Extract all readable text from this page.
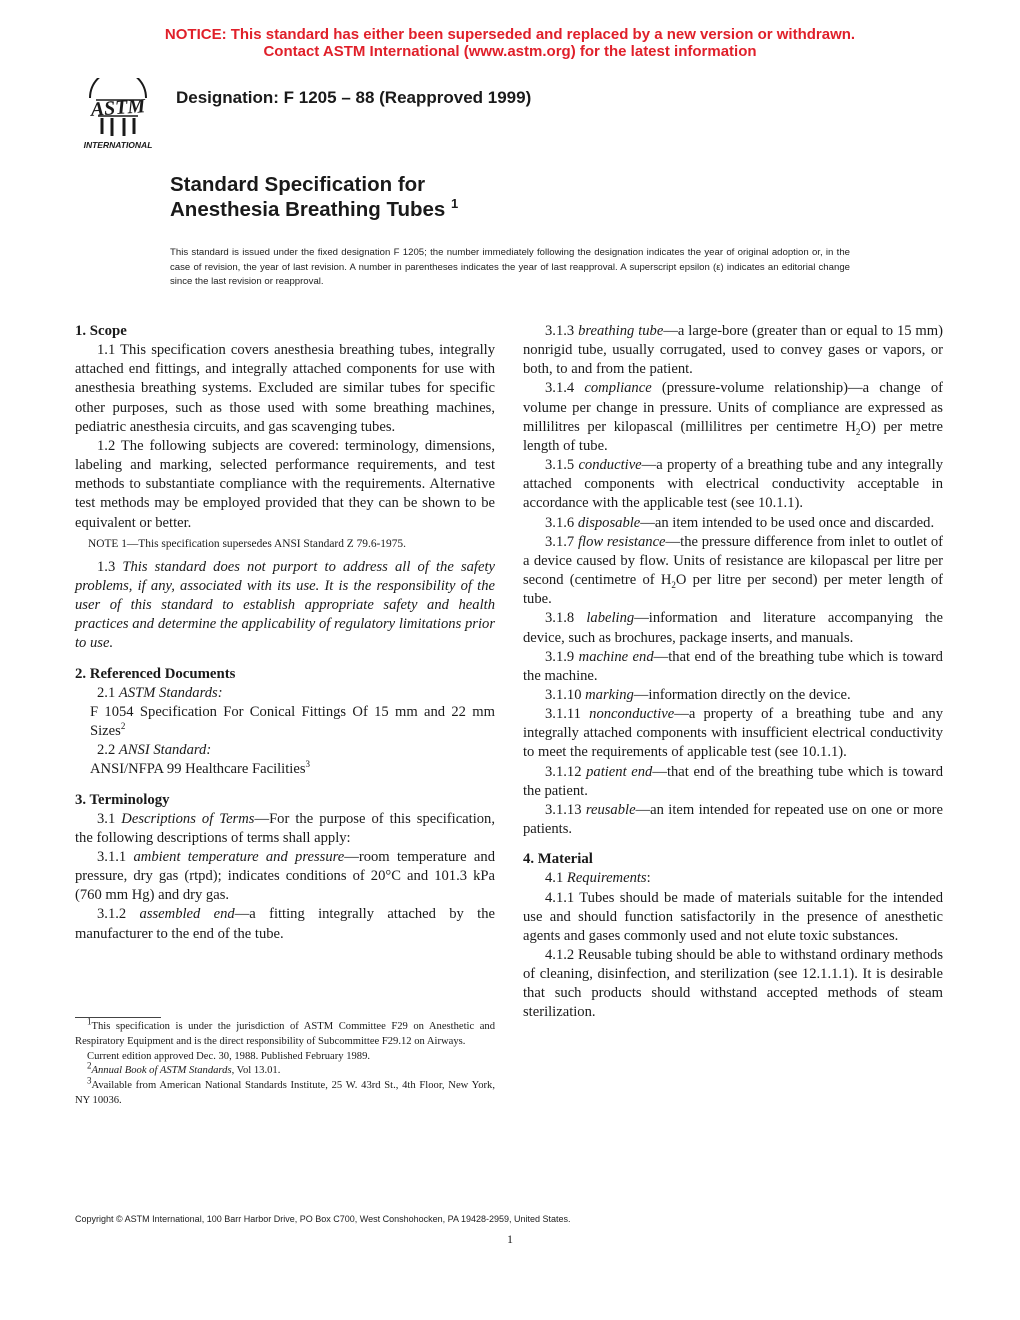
NOTICE: This standard has either been superseded and replaced by a new version or withdrawn.
Contact ASTM International (www.astm.org) for the latest information
ASTM
INTERNATIONAL
Designation: F 1205 – 88 (Reapproved 1999)
Standard Specification for
Anesthesia Breathing Tubes $^1$
This standard is issued under the fixed designation F 1205; the number immediately following the designation indicates the year of original adoption or, in the case of revision, the year of last revision. A number in parentheses indicates the year of last reapproval. A superscript epsilon (ε) indicates an editorial change since the last revision or reapproval.
1. Scope

1.1 This specification covers anesthesia breathing tubes, integrally attached end fittings, and integrally attached components for use with anesthesia breathing systems. Excluded are similar tubes for specific other purposes, such as those used with some breathing machines, pediatric anesthesia circuits, and gas scavenging tubes.

1.2 The following subjects are covered: terminology, dimensions, labeling and marking, selected performance requirements, and test methods to substantiate compliance with the requirements. Alternative test methods may be employed provided that they can be shown to be equivalent or better.

NOTE 1—This specification supersedes ANSI Standard Z 79.6-1975.

1.3 This standard does not purport to address all of the safety problems, if any, associated with its use. It is the responsibility of the user of this standard to establish appropriate safety and health practices and determine the applicability of regulatory limitations prior to use.

2. Referenced Documents

2.1 ASTM Standards:

F 1054 Specification For Conical Fittings Of 15 mm and 22 mm Sizes$^2$

2.2 ANSI Standard:

ANSI/NFPA 99 Healthcare Facilities$^3$

3. Terminology

3.1 Descriptions of Terms—For the purpose of this specification, the following descriptions of terms shall apply:

3.1.1 ambient temperature and pressure—room temperature and pressure, dry gas (rtpd); indicates conditions of 20°C and 101.3 kPa (760 mm Hg) and dry gas.

3.1.2 assembled end—a fitting integrally attached by the manufacturer to the end of the tube.

$^1$This specification is under the jurisdiction of ASTM Committee F29 on Anesthetic and Respiratory Equipment and is the direct responsibility of Subcommittee F29.12 on Airways.

Current edition approved Dec. 30, 1988. Published February 1989.

$^2$Annual Book of ASTM Standards, Vol 13.01.

$^3$Available from American National Standards Institute, 25 W. 43rd St., 4th Floor, New York, NY 10036.

3.1.3 breathing tube—a large-bore (greater than or equal to 15 mm) nonrigid tube, usually corrugated, used to convey gases or vapors, or both, to and from the patient.

3.1.4 compliance (pressure-volume relationship)—a change of volume per change in pressure. Units of compliance are expressed as millilitres per kilopascal (millilitres per centimetre $H_2O$) per metre length of tube.

3.1.5 conductive—a property of a breathing tube and any integrally attached components with electrical conductivity acceptable in accordance with the applicable test (see 10.1.1).

3.1.6 disposable—an item intended to be used once and discarded.

3.1.7 flow resistance—the pressure difference from inlet to outlet of a device caused by flow. Units of resistance are kilopascal per litre per second (centimetre of $H_2O$ per litre per second) per meter length of tube.

3.1.8 labeling—information and literature accompanying the device, such as brochures, package inserts, and manuals.

3.1.9 machine end—that end of the breathing tube which is toward the machine.

3.1.10 marking—information directly on the device.

3.1.11 nonconductive—a property of a breathing tube and any integrally attached components with insufficient electrical conductivity to meet the requirements of applicable test (see 10.1.1).

3.1.12 patient end—that end of the breathing tube which is toward the patient.

3.1.13 reusable—an item intended for repeated use on one or more patients.

4. Material

4.1 Requirements:

4.1.1 Tubes should be made of materials suitable for the intended use and should function satisfactorily in the presence of anesthetic agents and gases commonly used and not elute toxic substances.

4.1.2 Reusable tubing should be able to withstand ordinary methods of cleaning, disinfection, and sterilization (see 12.1.1.1). It is desirable that such products should withstand accepted methods of steam sterilization.

Copyright © ASTM International, 100 Barr Harbor Drive, PO Box C700, West Conshohocken, PA 19428-2959, United States.
1
